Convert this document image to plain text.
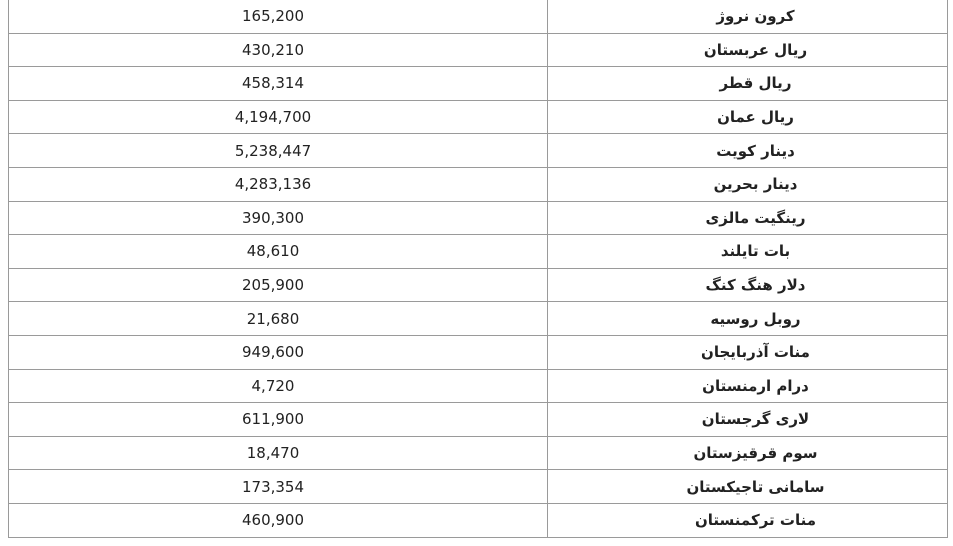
165,200	کرون نروژ
430,210	ریال عربستان
458,314	ریال قطر
4,194,700	ریال عمان
5,238,447	دینار کویت
4,283,136	دینار بحرین
390,300	رینگیت مالزی
48,610	بات تایلند
205,900	دلار هنگ کنگ
21,680	روبل روسیه
949,600	منات آذربایجان
4,720	درام ارمنستان
611,900	لاری گرجستان
18,470	سوم قرقیزستان
173,354	سامانی تاجیکستان
460,900	منات ترکمنستان
